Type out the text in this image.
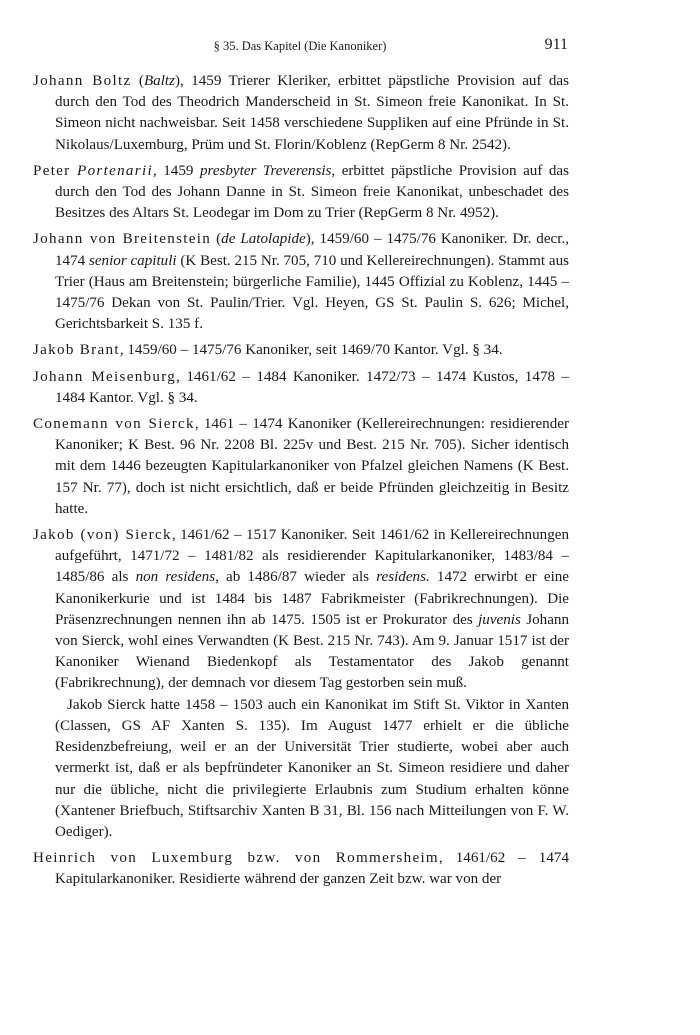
§ 35. Das Kapitel (Die Kanoniker)	911
Johann Boltz (Baltz), 1459 Trierer Kleriker, erbittet päpstliche Provision auf das durch den Tod des Theodrich Manderscheid in St. Simeon freie Kanonikat. In St. Simeon nicht nachweisbar. Seit 1458 verschiedene Suppliken auf eine Pfründe in St. Nikolaus/Luxemburg, Prüm und St. Florin/Koblenz (RepGerm 8 Nr. 2542).
Peter Portenarii, 1459 presbyter Treverensis, erbittet päpstliche Provision auf das durch den Tod des Johann Danne in St. Simeon freie Kanonikat, unbeschadet des Besitzes des Altars St. Leodegar im Dom zu Trier (RepGerm 8 Nr. 4952).
Johann von Breitenstein (de Latolapide), 1459/60 – 1475/76 Kanoniker. Dr. decr., 1474 senior capituli (K Best. 215 Nr. 705, 710 und Kellereirechnungen). Stammt aus Trier (Haus am Breitenstein; bürgerliche Familie), 1445 Offizial zu Koblenz, 1445 – 1475/76 Dekan von St. Paulin/Trier. Vgl. Heyen, GS St. Paulin S. 626; Michel, Gerichtsbarkeit S. 135 f.
Jakob Brant, 1459/60 – 1475/76 Kanoniker, seit 1469/70 Kantor. Vgl. § 34.
Johann Meisenburg, 1461/62 – 1484 Kanoniker. 1472/73 – 1474 Kustos, 1478 – 1484 Kantor. Vgl. § 34.
Conemann von Sierck, 1461 – 1474 Kanoniker (Kellereirechnungen: residierender Kanoniker; K Best. 96 Nr. 2208 Bl. 225v und Best. 215 Nr. 705). Sicher identisch mit dem 1446 bezeugten Kapitularkanoniker von Pfalzel gleichen Namens (K Best. 157 Nr. 77), doch ist nicht ersichtlich, daß er beide Pfründen gleichzeitig in Besitz hatte.
Jakob (von) Sierck, 1461/62 – 1517 Kanoniker. Seit 1461/62 in Kellereirechnungen aufgeführt, 1471/72 – 1481/82 als residierender Kapitularkanoniker, 1483/84 – 1485/86 als non residens, ab 1486/87 wieder als residens. 1472 erwirbt er eine Kanonikerkurie und ist 1484 bis 1487 Fabrikmeister (Fabrikrechnungen). Die Präsenzrechnungen nennen ihn ab 1475. 1505 ist er Prokurator des juvenis Johann von Sierck, wohl eines Verwandten (K Best. 215 Nr. 743). Am 9. Januar 1517 ist der Kanoniker Wienand Biedenkopf als Testamentator des Jakob genannt (Fabrikrechnung), der demnach vor diesem Tag gestorben sein muß.

Jakob Sierck hatte 1458 – 1503 auch ein Kanonikat im Stift St. Viktor in Xanten (Classen, GS AF Xanten S. 135). Im August 1477 erhielt er die übliche Residenzbefreiung, weil er an der Universität Trier studierte, wobei aber auch vermerkt ist, daß er als bepfründeter Kanoniker an St. Simeon residiere und daher nur die übliche, nicht die privilegierte Erlaubnis zum Studium erhalten könne (Xantener Briefbuch, Stiftsarchiv Xanten B 31, Bl. 156 nach Mitteilungen von F. W. Oediger).

Heinrich von Luxemburg bzw. von Rommersheim, 1461/62 – 1474 Kapitularkanoniker. Residierte während der ganzen Zeit bzw. war von der
